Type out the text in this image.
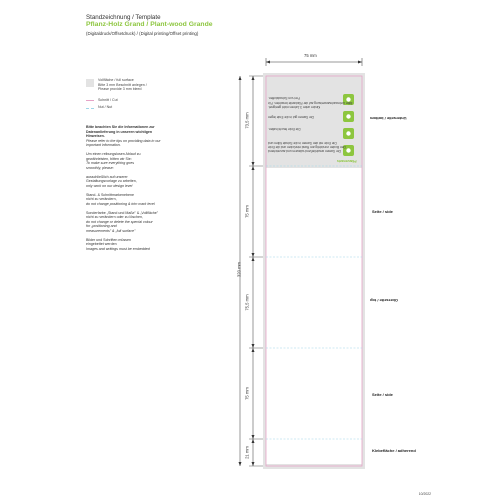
Standzeichnung / Template
Pflanz-Holz Grand / Plant-wood Grande
(Digitaldruck/Offsetdruck) / (Digital printing/Offset printing)
Vollfläche / full surface
Bitte 3 mm Beschnitt anlegen /
Please provide 3 mm bleed
Schnitt / Cut
Nut / Nut

Bitte beachten Sie die Informationen zur
Datenanlieferung in unseren wichtigen
Hinweisen.
Please refer to the tips on providing data in our
important information.

Um einen reibungslosen Ablauf zu
gewährleisten, bitten wir Sie:
To make sure everything goes
smoothly, please:

ausschließlich auf unserer
Gestaltungsvorlage zu arbeiten,
only work on our design level

Stand- & Schnittmarkenebene
nicht zu verändern,
do not change positioning & trim mark level

Sonderfarbe „Stand und Maße" & „Vollfläche"
nicht zu verändern oder zu löschen,
do not change or delete the special colour
for „positioning and
measurements" & „full surface"

Bilder und Schriften müssen
eingebettet werden
Images and writings must be embedded

75 mm
320 mm
73,5 mm
75 mm
75,5 mm
75 mm
21 mm
Unterseite / bottom
Seite / side
Oberseite / top
Seite / side
Klebefläche / adherend
Frei von Schadstoffen.
Bitte Gebrauchsanweisung auf der Rückseite beachten. Für
Kinder unter 3 Jahren nicht geeignet.
Die Samen gut in die Erde legen
Die Erde feucht halten.
Die Erde mit den Samen in die Schale füllen und
Den Boden vorsichtig am Rand einrücken und die Erde
Die Samen anschließend wässern und ausreichend
Pflanzensets
10/2022
